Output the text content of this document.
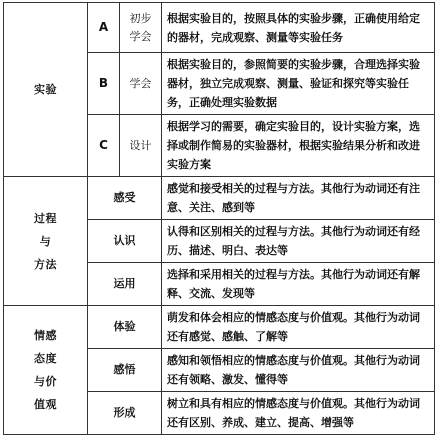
实验	A	初步学会	根据实验目的，按照具体的实验步骤，正确使用给定的器材，完成观察、测量等实验任务
	B	学会	根据实验目的，参照简要的实验步骤，合理选择实验器材，独立完成观察、测量、验证和探究等实验任务，正确处理实验数据
	C	设计	根据学习的需要，确定实验目的，设计实验方案，选择或制作简易的实验器材，根据实验结果分析和改进实验方案

过程
与
方法	感受		感觉和接受相关的过程与方法。其他行为动词还有注意、关注、感到等
	认识		认得和区别相关的过程与方法。其他行为动词还有经历、描述、明白、表达等
	运用		选择和采用相关的过程与方法。其他行为动词还有解释、交流、发现等

情感
态度
与价
值观	体验		萌发和体会相应的情感态度与价值观。其他行为动词还有感觉、感触、了解等
	感悟		感知和领悟相应的情感态度与价值观。其他行为动词还有领略、激发、懂得等
	形成		树立和具有相应的情感态度与价值观。其他行为动词还有区别、养成、建立、提高、增强等
